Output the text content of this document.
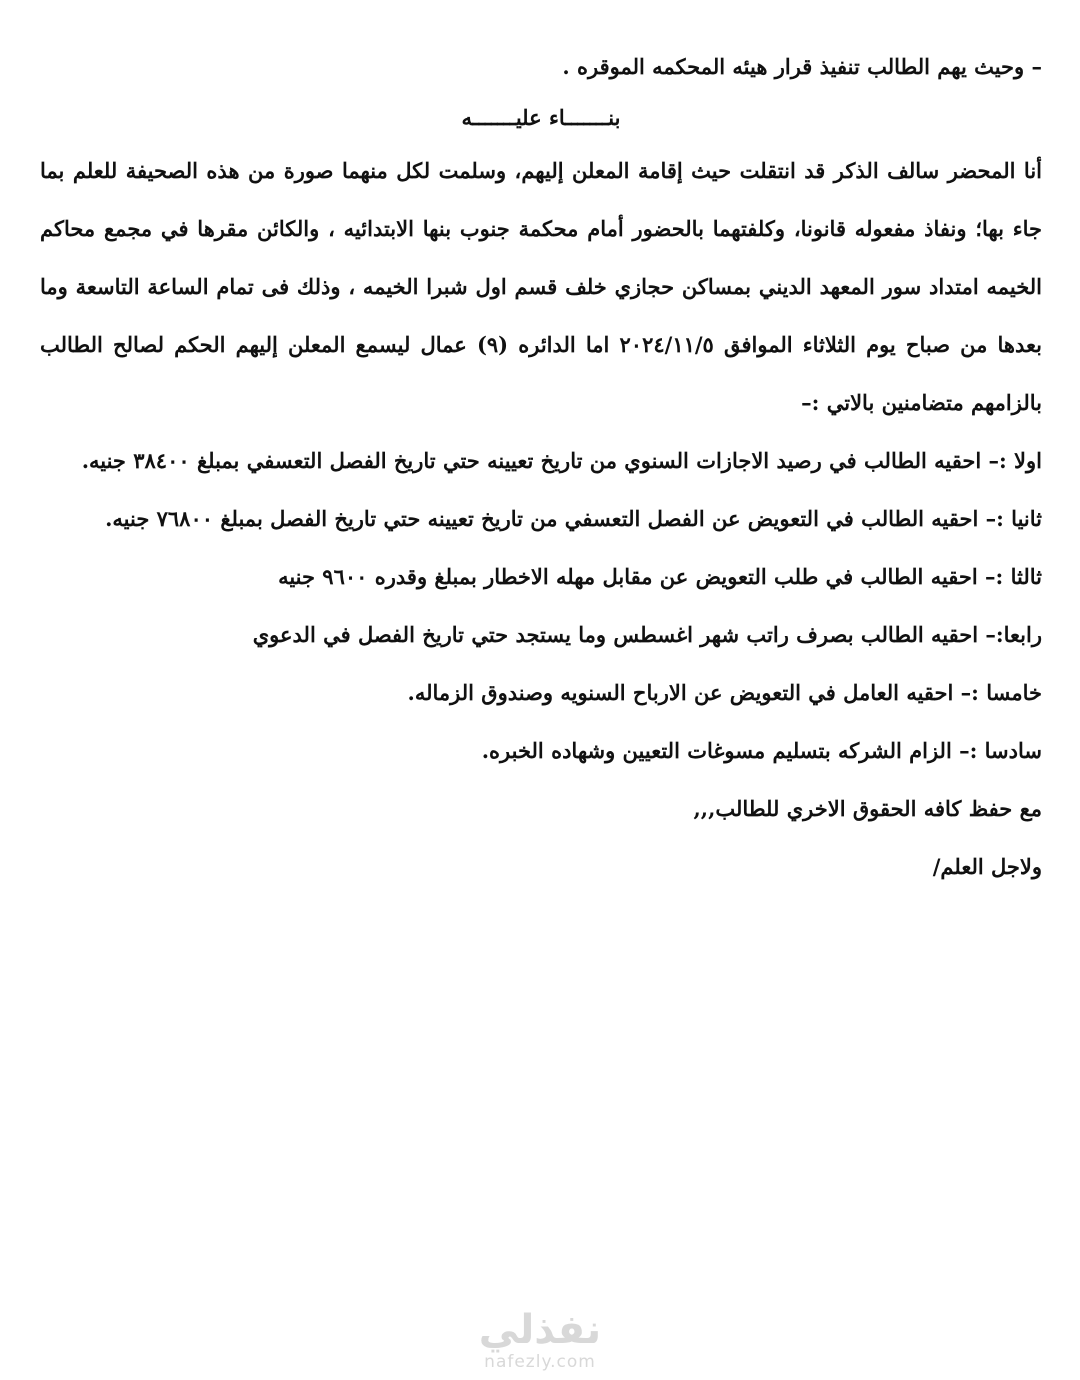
– وحيث يهم الطالب تنفيذ قرار هيئه المحكمه الموقره .
بنـــــــاء عليـــــــه
أنا المحضر سالف الذكر قد انتقلت حيث إقامة المعلن إليهم، وسلمت لكل منهما صورة من هذه الصحيفة للعلم بما
جاء بها؛ ونفاذ مفعوله قانونا، وكلفتهما بالحضور أمام محكمة جنوب بنها الابتدائيه ، والكائن مقرها في مجمع محاكم
الخيمه امتداد سور المعهد الديني بمساكن حجازي خلف قسم اول شبرا الخيمه ، وذلك فى تمام الساعة التاسعة وما
بعدها من صباح يوم الثلاثاء الموافق ٢٠٢٤/١١/٥ اما الدائره (٩) عمال ليسمع المعلن إليهم الحكم لصالح الطالب
بالزامهم متضامنين بالاتي :–
اولا :– احقيه الطالب في رصيد الاجازات السنوي من تاريخ تعيينه حتي تاريخ الفصل التعسفي بمبلغ ٣٨٤٠٠ جنيه.
ثانيا :– احقيه الطالب في التعويض عن الفصل التعسفي من تاريخ تعيينه حتي تاريخ الفصل بمبلغ ٧٦٨٠٠ جنيه.
ثالثا :– احقيه الطالب في طلب التعويض عن مقابل مهله الاخطار بمبلغ وقدره ٩٦٠٠ جنيه
رابعا:– احقيه الطالب بصرف راتب شهر اغسطس وما يستجد حتي تاريخ الفصل في الدعوي
خامسا :– احقيه العامل في التعويض عن الارباح السنويه وصندوق الزماله.
سادسا :– الزام الشركه بتسليم مسوغات التعيين وشهاده الخبره.
مع حفظ كافه الحقوق الاخري للطالب,,,
ولاجل العلم/
نفذلي
nafezly.com
